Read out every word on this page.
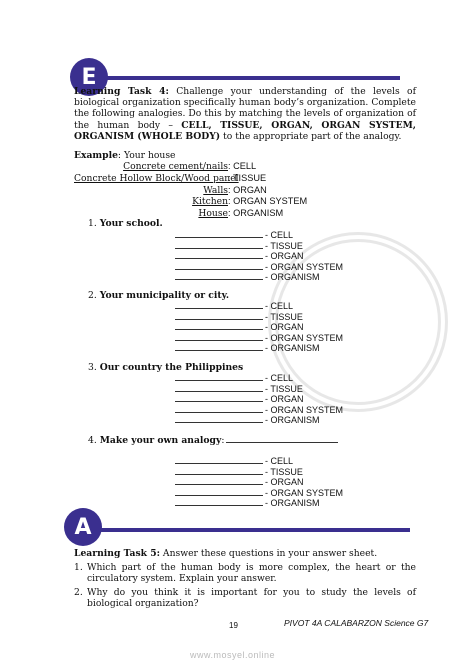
E
Learning Task 4: Challenge your understanding of the levels of biological organization specifically human body’s organization. Complete the following analogies. Do this by matching the levels of organization of the human body – CELL, TISSUE, ORGAN, ORGAN SYSTEM, ORGANISM (WHOLE BODY) to the appropriate part of the analogy.
Example: Your house
Concrete cement/nails: CELL
Concrete Hollow Block/Wood panel: TISSUE
Walls: ORGAN
Kitchen: ORGAN SYSTEM
House: ORGANISM
1. Your school.
- CELL
- TISSUE
- ORGAN
- ORGAN SYSTEM
- ORGANISM
2. Your municipality or city.
- CELL
- TISSUE
- ORGAN
- ORGAN SYSTEM
- ORGANISM
3. Our country the Philippines
- CELL
- TISSUE
- ORGAN
- ORGAN SYSTEM
- ORGANISM
4. Make your own analogy:
- CELL
- TISSUE
- ORGAN
- ORGAN SYSTEM
- ORGANISM
A
Learning Task 5: Answer these questions in your answer sheet.
1. Which part of the human body is more complex, the heart or the circulatory system. Explain your answer.
2. Why do you think it is important for you to study the levels of biological organization?
19	PIVOT 4A CALABARZON Science G7
www.mosyel.online
